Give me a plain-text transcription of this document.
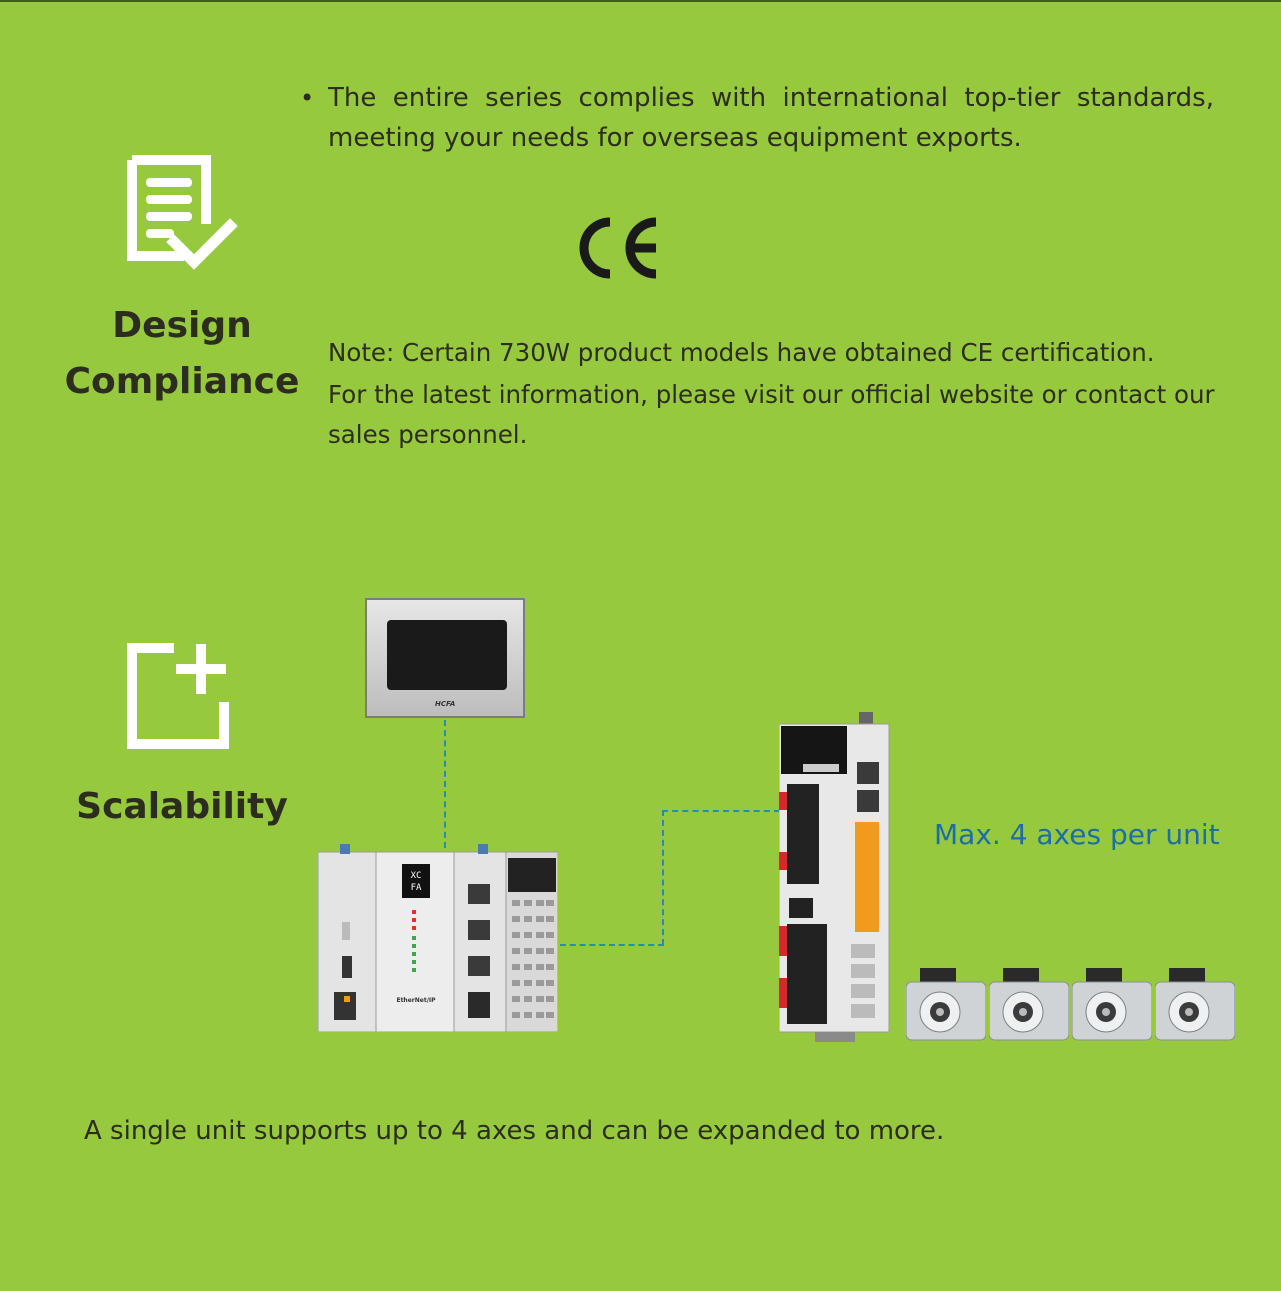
Design
Compliance
• The entire series complies with international top-tier standards, meeting your needs for overseas equipment exports.
Note: Certain 730W product models have obtained CE certification.
For the latest information, please visit our official website or contact our
sales personnel.
Scalability
HCFA
XC
FA
EtherNet/IP
Max. 4 axes per unit
A single unit supports up to 4 axes and can be expanded to more.
